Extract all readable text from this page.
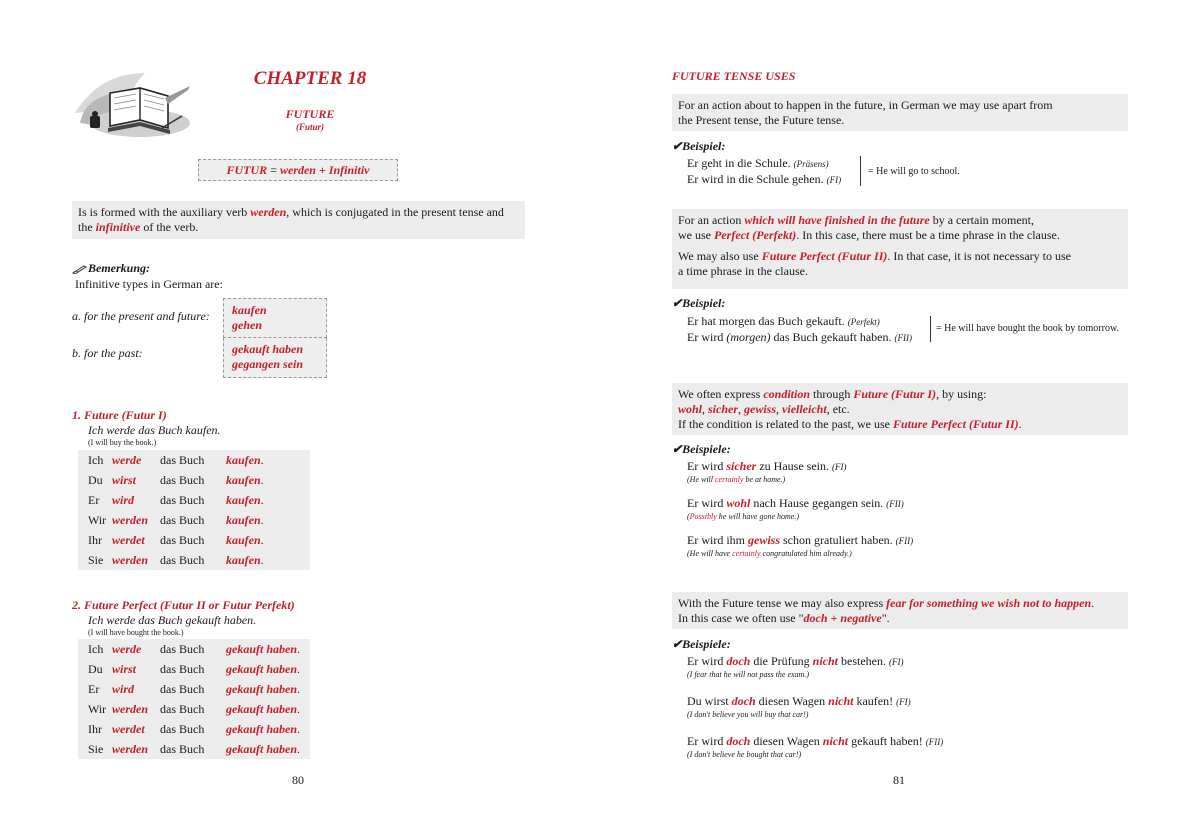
CHAPTER 18
FUTURE
(Futur)
FUTUR = werden + Infinitiv
Is is formed with the auxiliary verb werden, which is conjugated in the present tense and
the infinitive of the verb.
Bemerkung:
Infinitive types in German are:
a. for the present and future:	kaufen
gehen
b. for the past:	gekauft haben
gegangen sein
1. Future (Futur I)
Ich werde das Buch kaufen.
(I will buy the book.)
Ich werde	das Buch	kaufen .
Du wirst	das Buch	kaufen .
Er	wird	das Buch	kaufen .
Wir werden	das Buch	kaufen .
Ihr werdet	das Buch	kaufen .
Sie werden	das Buch	kaufen .
2. Future Perfect (Futur II or Futur Perfekt)
Ich werde das Buch gekauft haben.
(I will have bought the book.)
Ich werde	das Buch	gekauft haben .
Du wirst	das Buch	gekauft haben .
Er	wird	das Buch	gekauft haben .
Wir werden	das Buch	gekauft haben .
Ihr werdet	das Buch	gekauft haben .
Sie werden	das Buch	gekauft haben .
80
FUTURE TENSE USES
For an action about to happen in the future, in German we may use apart from
the Present tense, the Future tense.
✔Beispiel:
Er geht in die Schule. (Präsens)
Er wird in die Schule gehen. (FI)
= He will go to school.
For an action which will have finished in the future by a certain moment,
we use Perfect (Perfekt). In this case, there must be a time phrase in the clause.
We may also use Future Perfect (Futur II). In that case, it is not necessary to use
a time phrase in the clause.
✔Beispiel:
Er hat morgen das Buch gekauft. (Perfekt)
Er wird (morgen) das Buch gekauft haben. (FII)
= He will have bought the book by tomorrow.
We often express condition through Future (Futur I), by using:
wohl, sicher, gewiss, vielleicht, etc.
If the condition is related to the past, we use Future Perfect (Futur II).
✔Beispiele:
Er wird sicher zu Hause sein. (FI)
(He will certainly be at home.)
Er wird wohl nach Hause gegangen sein. (FII)
(Possibly he will have gone home.)
Er wird ihm gewiss schon gratuliert haben. (FII)
(He will have certainly congratulated him already.)
With the Future tense we may also express fear for something we wish not to happen.
In this case we often use "doch + negative".
✔Beispiele:
Er wird doch die Prüfung nicht bestehen. (FI)
(I fear that he will not pass the exam.)
Du wirst doch diesen Wagen nicht kaufen! (FI)
(I don't believe you will buy that car!)
Er wird doch diesen Wagen nicht gekauft haben! (FII)
(I don't believe he bought that car!)
81
